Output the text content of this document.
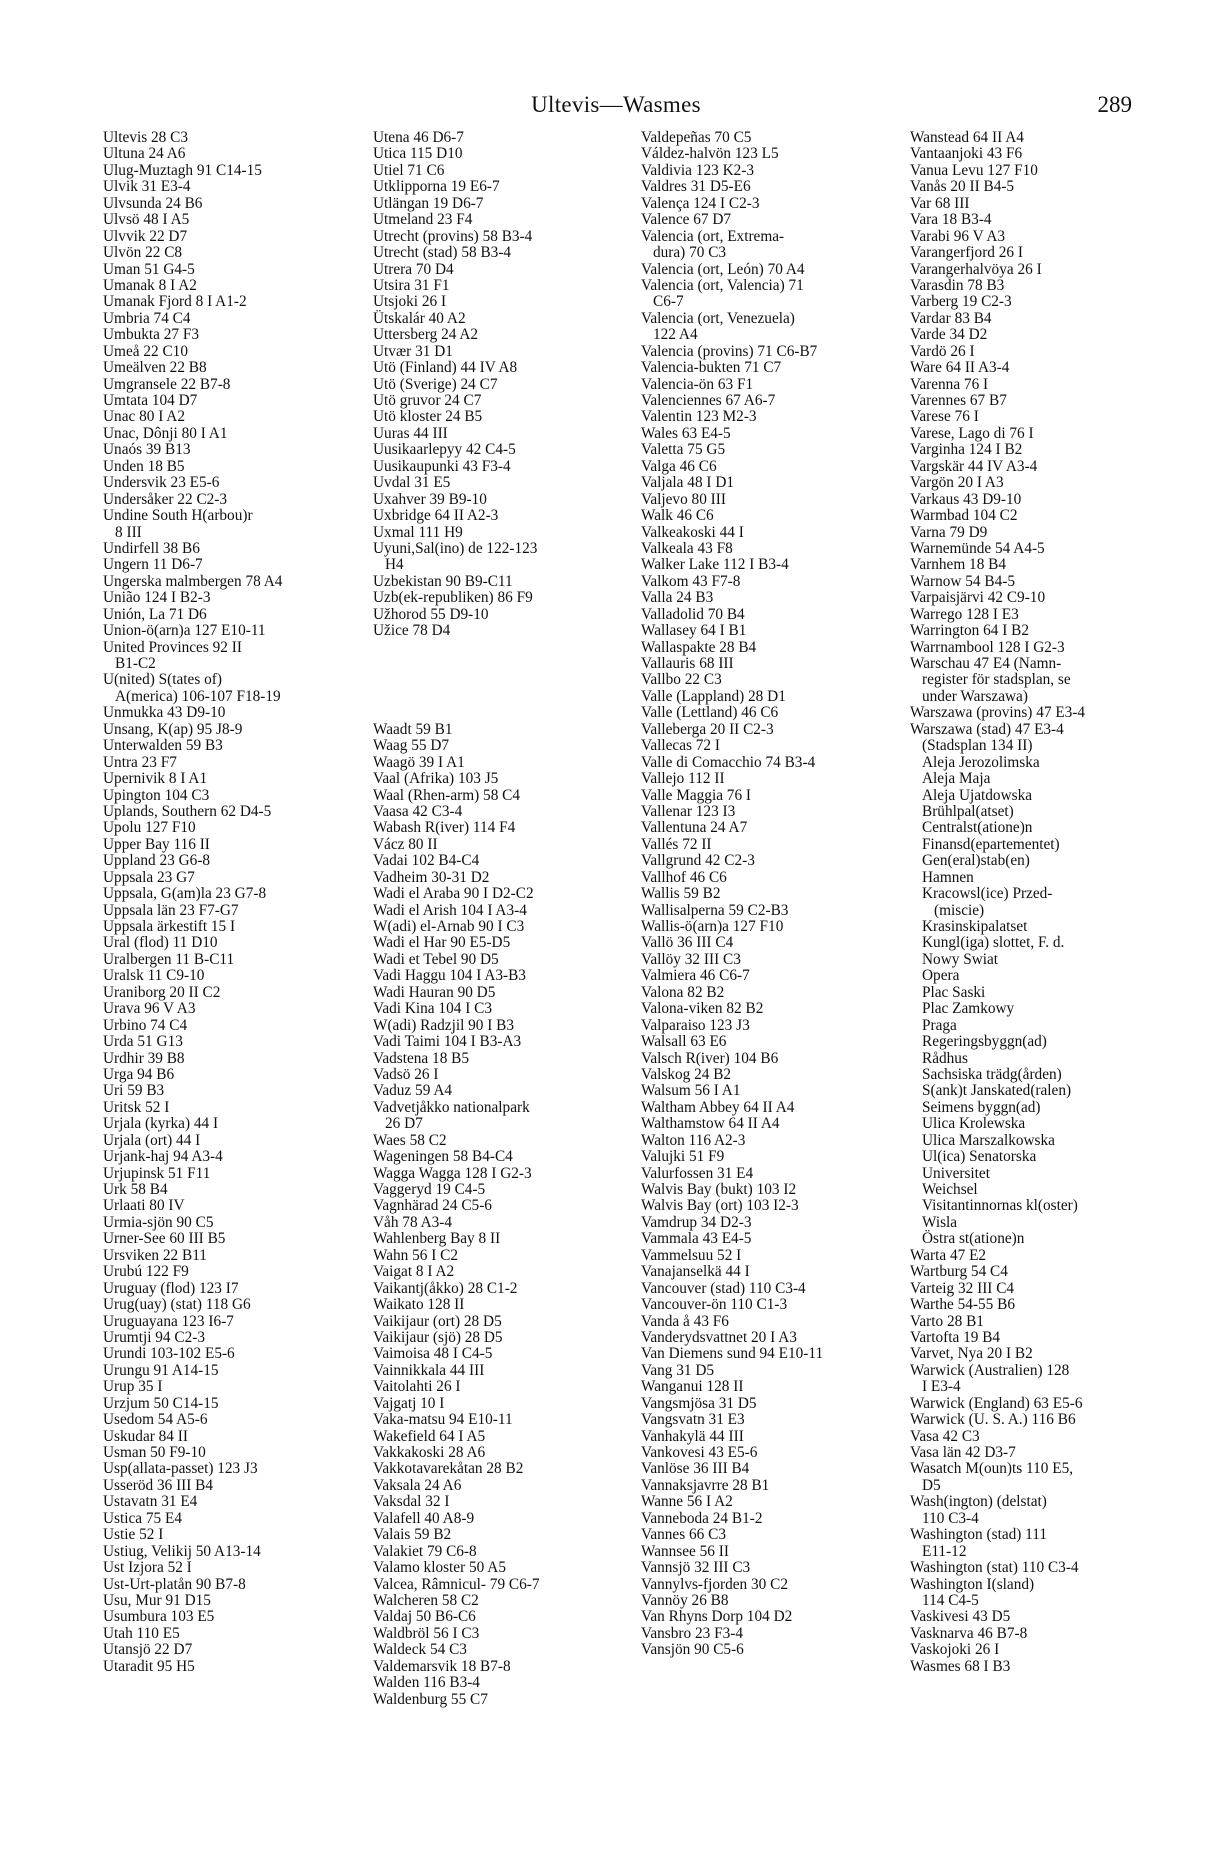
Ultevis—Wasmes	289
Ultevis 28 C3
Ultuna 24 A6
Ulug-Muztagh 91 C14-15
Ulvik 31 E3-4
Ulvsunda 24 B6
Ulvsö 48 I A5
Ulvvik 22 D7
Ulvön 22 C8
Uman 51 G4-5
Umanak 8 I A2
Umanak Fjord 8 I A1-2
Umbria 74 C4
Umbukta 27 F3
Umeå 22 C10
Umeälven 22 B8
Umgransele 22 B7-8
Umtata 104 D7
Unac 80 I A2
Unac, Dônji 80 I A1
Unaós 39 B13
Unden 18 B5
Undersvik 23 E5-6
Undersåker 22 C2-3
Undine South H(arbou)r
8 III
Undirfell 38 B6
Ungern 11 D6-7
Ungerska malmbergen 78 A4
União 124 I B2-3
Unión, La 71 D6
Union-ö(arn)a 127 E10-11
United Provinces 92 II
B1-C2
U(nited) S(tates of)
A(merica) 106-107 F18-19
Unmukka 43 D9-10
Unsang, K(ap) 95 J8-9
Unterwalden 59 B3
Untra 23 F7
Upernivik 8 I A1
Upington 104 C3
Uplands, Southern 62 D4-5
Upolu 127 F10
Upper Bay 116 II
Uppland 23 G6-8
Uppsala 23 G7
Uppsala, G(am)la 23 G7-8
Uppsala län 23 F7-G7
Uppsala ärkestift 15 I
Ural (flod) 11 D10
Uralbergen 11 B-C11
Uralsk 11 C9-10
Uraniborg 20 II C2
Urava 96 V A3
Urbino 74 C4
Urda 51 G13
Urdhir 39 B8
Urga 94 B6
Uri 59 B3
Uritsk 52 I
Urjala (kyrka) 44 I
Urjala (ort) 44 I
Urjank-haj 94 A3-4
Urjupinsk 51 F11
Urk 58 B4
Urlaati 80 IV
Urmia-sjön 90 C5
Urner-See 60 III B5
Ursviken 22 B11
Urubú 122 F9
Uruguay (flod) 123 I7
Urug(uay) (stat) 118 G6
Uruguayana 123 I6-7
Urumtji 94 C2-3
Urundi 103-102 E5-6
Urungu 91 A14-15
Urup 35 I
Urzjum 50 C14-15
Usedom 54 A5-6
Uskudar 84 II
Usman 50 F9-10
Usp(allata-passet) 123 J3
Usseröd 36 III B4
Ustavatn 31 E4
Ustica 75 E4
Ustie 52 I
Ustiug, Velikij 50 A13-14
Ust Izjora 52 I
Ust-Urt-platån 90 B7-8
Usu, Mur 91 D15
Usumbura 103 E5
Utah 110 E5
Utansjö 22 D7
Utaradit 95 H5
Utena 46 D6-7
Utica 115 D10
Utiel 71 C6
Utklipporna 19 E6-7
Utlängan 19 D6-7
Utmeland 23 F4
Utrecht (provins) 58 B3-4
Utrecht (stad) 58 B3-4
Utrera 70 D4
Utsira 31 F1
Utsjoki 26 I
Ütskalár 40 A2
Uttersberg 24 A2
Utvær 31 D1
Utö (Finland) 44 IV A8
Utö (Sverige) 24 C7
Utö gruvor 24 C7
Utö kloster 24 B5
Uuras 44 III
Uusikaarlepyy 42 C4-5
Uusikaupunki 43 F3-4
Uvdal 31 E5
Uxahver 39 B9-10
Uxbridge 64 II A2-3
Uxmal 111 H9
Uyuni,Sal(ino) de 122-123
H4
Uzbekistan 90 B9-C11
Uzb(ek-republiken) 86 F9
Užhorod 55 D9-10
Užice 78 D4
Waadt 59 B1
Waag 55 D7
Waagö 39 I A1
Vaal (Afrika) 103 J5
Waal (Rhen-arm) 58 C4
Vaasa 42 C3-4
Wabash R(iver) 114 F4
Vácz 80 II
Vadai 102 B4-C4
Vadheim 30-31 D2
Wadi el Araba 90 I D2-C2
Wadi el Arish 104 I A3-4
W(adi) el-Arnab 90 I C3
Wadi el Har 90 E5-D5
Wadi et Tebel 90 D5
Vadi Haggu 104 I A3-B3
Wadi Hauran 90 D5
Vadi Kina 104 I C3
W(adi) Radzjil 90 I B3
Vadi Taimi 104 I B3-A3
Vadstena 18 B5
Vadsö 26 I
Vaduz 59 A4
Vadvetjåkko nationalpark
26 D7
Waes 58 C2
Wageningen 58 B4-C4
Wagga Wagga 128 I G2-3
Vaggeryd 19 C4-5
Vagnhärad 24 C5-6
Våh 78 A3-4
Wahlenberg Bay 8 II
Wahn 56 I C2
Vaigat 8 I A2
Vaikantj(åkko) 28 C1-2
Waikato 128 II
Vaikijaur (ort) 28 D5
Vaikijaur (sjö) 28 D5
Vaimoisa 48 I C4-5
Vainnikkala 44 III
Vaitolahti 26 I
Vajgatj 10 I
Vaka-matsu 94 E10-11
Wakefield 64 I A5
Vakkakoski 28 A6
Vakkotavarekåtan 28 B2
Vaksala 24 A6
Vaksdal 32 I
Valafell 40 A8-9
Valais 59 B2
Valakiet 79 C6-8
Valamo kloster 50 A5
Valcea, Râmnicul- 79 C6-7
Walcheren 58 C2
Valdaj 50 B6-C6
Waldbröl 56 I C3
Waldeck 54 C3
Valdemarsvik 18 B7-8
Walden 116 B3-4
Waldenburg 55 C7
Valdepeñas 70 C5
Váldez-halvön 123 L5
Valdivia 123 K2-3
Valdres 31 D5-E6
Valença 124 I C2-3
Valence 67 D7
Valencia (ort, Extrema-
dura) 70 C3
Valencia (ort, León) 70 A4
Valencia (ort, Valencia) 71
C6-7
Valencia (ort, Venezuela)
122 A4
Valencia (provins) 71 C6-B7
Valencia-bukten 71 C7
Valencia-ön 63 F1
Valenciennes 67 A6-7
Valentin 123 M2-3
Wales 63 E4-5
Valetta 75 G5
Valga 46 C6
Valjala 48 I D1
Valjevo 80 III
Walk 46 C6
Valkeakoski 44 I
Valkeala 43 F8
Walker Lake 112 I B3-4
Valkom 43 F7-8
Valla 24 B3
Valladolid 70 B4
Wallasey 64 I B1
Wallaspakte 28 B4
Vallauris 68 III
Vallbo 22 C3
Valle (Lappland) 28 D1
Valle (Lettland) 46 C6
Valleberga 20 II C2-3
Vallecas 72 I
Valle di Comacchio 74 B3-4
Vallejo 112 II
Valle Maggia 76 I
Vallenar 123 I3
Vallentuna 24 A7
Vallés 72 II
Vallgrund 42 C2-3
Vallhof 46 C6
Wallis 59 B2
Wallisalperna 59 C2-B3
Wallis-ö(arn)a 127 F10
Vallö 36 III C4
Vallöy 32 III C3
Valmiera 46 C6-7
Valona 82 B2
Valona-viken 82 B2
Valparaiso 123 J3
Walsall 63 E6
Valsch R(iver) 104 B6
Valskog 24 B2
Walsum 56 I A1
Waltham Abbey 64 II A4
Walthamstow 64 II A4
Walton 116 A2-3
Valujki 51 F9
Valurfossen 31 E4
Walvis Bay (bukt) 103 I2
Walvis Bay (ort) 103 I2-3
Vamdrup 34 D2-3
Vammala 43 E4-5
Vammelsuu 52 I
Vanajanselkä 44 I
Vancouver (stad) 110 C3-4
Vancouver-ön 110 C1-3
Vanda å 43 F6
Vanderydsvattnet 20 I A3
Van Diemens sund 94 E10-11
Vang 31 D5
Wanganui 128 II
Vangsmjösa 31 D5
Vangsvatn 31 E3
Vanhakylä 44 III
Vankovesi 43 E5-6
Vanlöse 36 III B4
Vannaksjavrre 28 B1
Wanne 56 I A2
Vanneboda 24 B1-2
Vannes 66 C3
Wannsee 56 II
Vannsjö 32 III C3
Vannylvs-fjorden 30 C2
Vannöy 26 B8
Van Rhyns Dorp 104 D2
Vansbro 23 F3-4
Vansjön 90 C5-6
Wanstead 64 II A4
Vantaanjoki 43 F6
Vanua Levu 127 F10
Vanås 20 II B4-5
Var 68 III
Vara 18 B3-4
Varabi 96 V A3
Varangerfjord 26 I
Varangerhalvöya 26 I
Varasdin 78 B3
Varberg 19 C2-3
Vardar 83 B4
Varde 34 D2
Vardö 26 I
Ware 64 II A3-4
Varenna 76 I
Varennes 67 B7
Varese 76 I
Varese, Lago di 76 I
Varginha 124 I B2
Vargskär 44 IV A3-4
Vargön 20 I A3
Varkaus 43 D9-10
Warmbad 104 C2
Varna 79 D9
Warnemünde 54 A4-5
Varnhem 18 B4
Warnow 54 B4-5
Varpaisjärvi 42 C9-10
Warrego 128 I E3
Warrington 64 I B2
Warrnambool 128 I G2-3
Warschau 47 E4 (Namn-
register för stadsplan, se
under Warszawa)
Warszawa (provins) 47 E3-4
Warszawa (stad) 47 E3-4
(Stadsplan 134 II)
Aleja Jerozolimska
Aleja Maja
Aleja Ujatdowska
Brühlpal(atset)
Centralst(atione)n
Finansd(epartementet)
Gen(eral)stab(en)
Hamnen
Kracowsl(ice) Przed-
(miscie)
Krasinskipalatset
Kungl(iga) slottet, F. d.
Nowy Swiat
Opera
Plac Saski
Plac Zamkowy
Praga
Regeringsbyggn(ad)
Rådhus
Sachsiska trädg(ården)
S(ank)t Janskated(ralen)
Seimens byggn(ad)
Ulica Krolewska
Ulica Marszalkowska
Ul(ica) Senatorska
Universitet
Weichsel
Visitantinnornas kl(oster)
Wisla
Östra st(atione)n
Warta 47 E2
Wartburg 54 C4
Varteig 32 III C4
Warthe 54-55 B6
Varto 28 B1
Vartofta 19 B4
Varvet, Nya 20 I B2
Warwick (Australien) 128
I E3-4
Warwick (England) 63 E5-6
Warwick (U. S. A.) 116 B6
Vasa 42 C3
Vasa län 42 D3-7
Wasatch M(oun)ts 110 E5,
D5
Wash(ington) (delstat)
110 C3-4
Washington (stad) 111
E11-12
Washington (stat) 110 C3-4
Washington I(sland)
114 C4-5
Vaskivesi 43 D5
Vasknarva 46 B7-8
Vaskojoki 26 I
Wasmes 68 I B3
